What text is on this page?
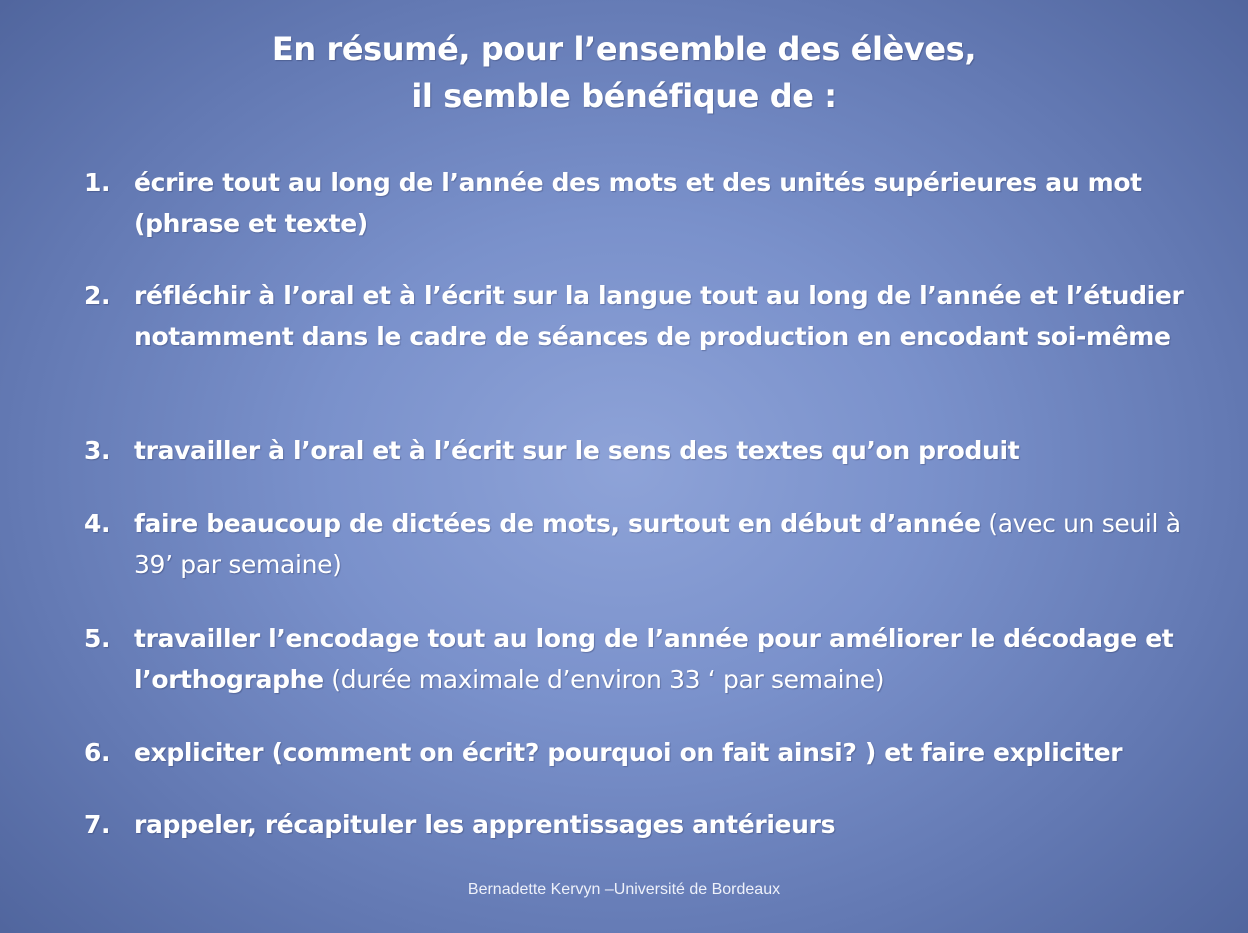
En résumé, pour l’ensemble des élèves,
il semble bénéfique de :
1. écrire tout au long de l’année des mots et des unités supérieures au mot (phrase et texte)
2. réfléchir à l’oral et à l’écrit sur la langue tout au long de l’année et l’étudier notamment dans le cadre de séances de production en encodant soi-même
3. travailler à l’oral et à l’écrit sur le sens des textes qu’on produit
4. faire beaucoup de dictées de mots, surtout en début d’année (avec un seuil à 39’ par semaine)
5. travailler l’encodage tout au long de l’année pour améliorer le décodage et l’orthographe (durée maximale d’environ 33 ‘ par semaine)
6. expliciter (comment on écrit? pourquoi on fait ainsi? ) et faire expliciter
7. rappeler, récapituler les apprentissages antérieurs
Bernadette Kervyn –Université de Bordeaux
